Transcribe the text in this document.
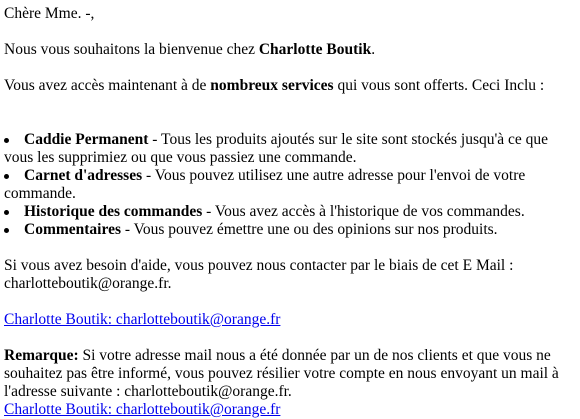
Chère Mme. -,

Nous vous souhaitons la bienvenue chez Charlotte Boutik.

Vous avez accès maintenant à de nombreux services qui vous sont offerts. Ceci Inclu :

Caddie Permanent - Tous les produits ajoutés sur le site sont stockés jusqu'à ce que
vous les supprimiez ou que vous passiez une commande.
Carnet d'adresses - Vous pouvez utilisez une autre adresse pour l'envoi de votre
commande.
Historique des commandes - Vous avez accès à l'historique de vos commandes.
Commentaires - Vous pouvez émettre une ou des opinions sur nos produits.

Si vous avez besoin d'aide, vous pouvez nous contacter par le biais de cet E Mail :

charlotteboutik@orange.fr.

Charlotte Boutik: charlotteboutik@orange.fr

Remarque: Si votre adresse mail nous a été donnée par un de nos clients et que vous ne

souhaitez pas être informé, vous pouvez résilier votre compte en nous envoyant un mail à

l'adresse suivante : charlotteboutik@orange.fr.

Charlotte Boutik: charlotteboutik@orange.fr
